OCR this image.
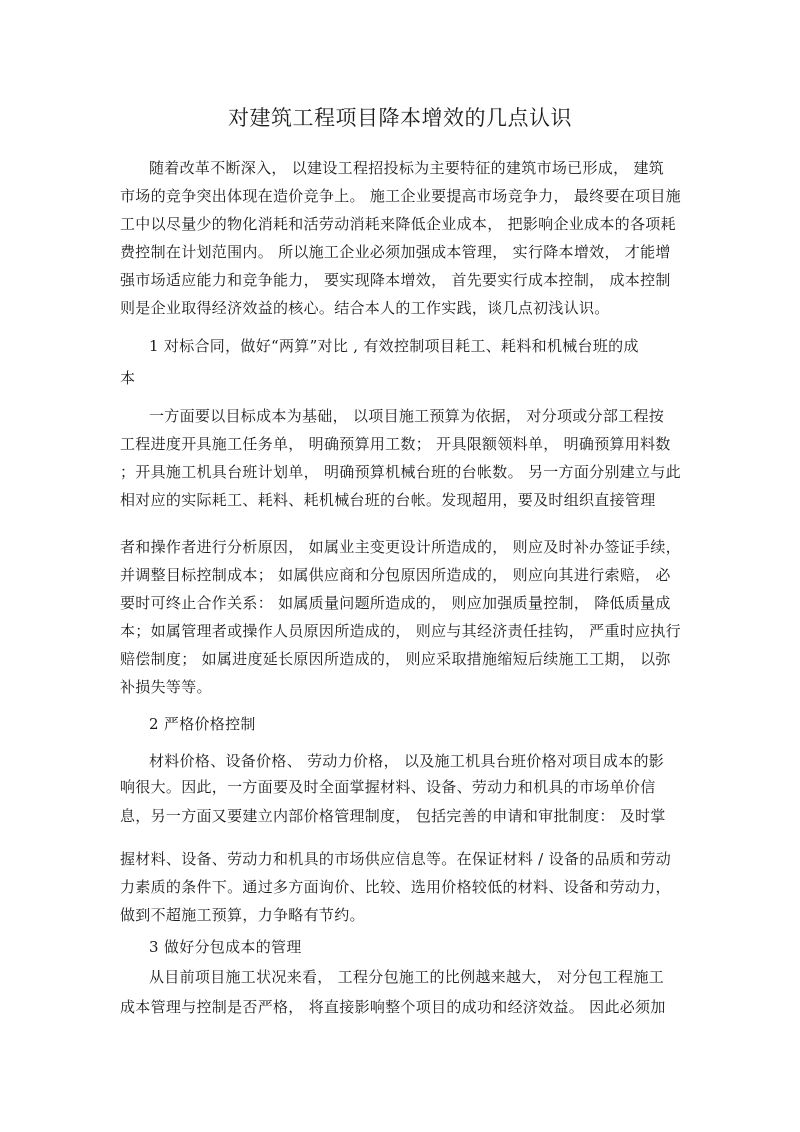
对建筑工程项目降本增效的几点认识
随着改革不断深入， 以建设工程招投标为主要特征的建筑市场已形成， 建筑
市场的竞争突出体现在造价竞争上。 施工企业要提高市场竞争力， 最终要在项目施
工中以尽量少的物化消耗和活劳动消耗来降低企业成本， 把影响企业成本的各项耗
费控制在计划范围内。 所以施工企业必须加强成本管理， 实行降本增效， 才能增
强市场适应能力和竞争能力， 要实现降本增效， 首先要实行成本控制， 成本控制
则是企业取得经济效益的核心。结合本人的工作实践，谈几点初浅认识。
1 对标合同，做好“两算”对比 , 有效控制项目耗工、耗料和机械台班的成
本
一方面要以目标成本为基础， 以项目施工预算为依据， 对分项或分部工程按
工程进度开具施工任务单， 明确预算用工数； 开具限额领料单， 明确预算用料数
；开具施工机具台班计划单， 明确预算机械台班的台帐数。 另一方面分别建立与此
相对应的实际耗工、耗料、耗机械台班的台帐。发现超用，要及时组织直接管理
者和操作者进行分析原因， 如属业主变更设计所造成的， 则应及时补办签证手续，
并调整目标控制成本； 如属供应商和分包原因所造成的， 则应向其进行索赔， 必
要时可终止合作关系： 如属质量问题所造成的， 则应加强质量控制， 降低质量成
本；如属管理者或操作人员原因所造成的， 则应与其经济责任挂钩， 严重时应执行
赔偿制度； 如属进度延长原因所造成的， 则应采取措施缩短后续施工工期， 以弥
补损失等等。
2 严格价格控制
材料价格、设备价格、 劳动力价格， 以及施工机具台班价格对项目成本的影
响很大。因此，一方面要及时全面掌握材料、设备、劳动力和机具的市场单价信
息，另一方面又要建立内部价格管理制度， 包括完善的申请和审批制度： 及时掌
握材料、设备、劳动力和机具的市场供应信息等。在保证材料 / 设备的品质和劳动
力素质的条件下。通过多方面询价、比较、选用价格较低的材料、设备和劳动力，
做到不超施工预算，力争略有节约。
3 做好分包成本的管理
从目前项目施工状况来看， 工程分包施工的比例越来越大， 对分包工程施工
成本管理与控制是否严格， 将直接影响整个项目的成功和经济效益。 因此必须加
